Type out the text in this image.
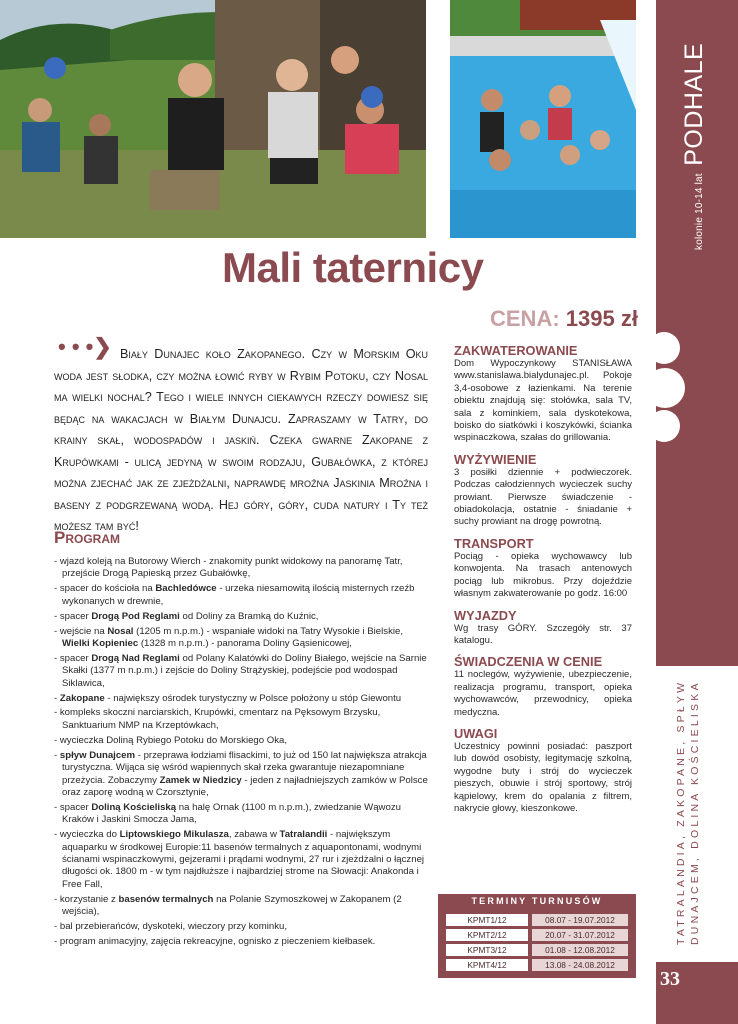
kolonie 10-14 lat PODHALE
TATRALANDIA, ZAKOPANE, SPŁYW DUNAJCEM, DOLINA KOŚCIELISKA
33
Mali taternicy
CENA: 1395 zł
• • •❯ Biały Dunajec koło Zakopanego. Czy w Morskim Oku woda jest słodka, czy można łowić ryby w Rybim Potoku, czy Nosal ma wielki nochal? Tego i wiele innych ciekawych rzeczy dowiesz się będąc na wakacjach w Białym Dunajcu. Zapraszamy w Tatry, do krainy skał, wodospadów i jaskiń. Czeka gwarne Zakopane z Krupówkami - ulicą jedyną w swoim rodzaju, Gubałówka, z której można zjechać jak ze zjeżdżalni, naprawdę mroźna Jaskinia Mroźna i baseny z podgrzewaną wodą. Hej góry, góry, cuda natury i Ty też możesz tam być!
Program
- wjazd koleją na Butorowy Wierch - znakomity punkt widokowy na panoramę Tatr, przejście Drogą Papieską przez Gubałówkę,
- spacer do kościoła na Bachledówce - urzeka niesamowitą ilością misternych rzeźb wykonanych w drewnie,
- spacer Drogą Pod Reglami od Doliny za Bramką do Kuźnic,
- wejście na Nosal (1205 m n.p.m.) - wspaniałe widoki na Tatry Wysokie i Bielskie, Wielki Kopieniec (1328 m n.p.m.) - panorama Doliny Gąsienicowej,
- spacer Drogą Nad Reglami od Polany Kalatówki do Doliny Białego, wejście na Sarnie Skałki (1377 m n.p.m.) i zejście do Doliny Strążyskiej, podejście pod wodospad Siklawica,
- Zakopane - największy ośrodek turystyczny w Polsce położony u stóp Giewontu
- kompleks skoczni narciarskich, Krupówki, cmentarz na Pęksowym Brzysku, Sanktuarium NMP na Krzeptówkach,
- wycieczka Doliną Rybiego Potoku do Morskiego Oka,
- spływ Dunajcem - przeprawa łodziami flisackimi, to już od 150 lat największa atrakcja turystyczna. Wijąca się wśród wapiennych skał rzeka gwarantuje niezapomniane przeżycia. Zobaczymy Zamek w Niedzicy - jeden z najładniejszych zamków w Polsce oraz zaporę wodną w Czorsztynie,
- spacer Doliną Kościeliską na halę Ornak (1100 m n.p.m.), zwiedzanie Wąwozu Kraków i Jaskini Smocza Jama,
- wycieczka do Liptowskiego Mikulasza, zabawa w Tatralandii - największym aquaparku w środkowej Europie:11 basenów termalnych z aquapontonami, wodnymi ścianami wspinaczkowymi, gejzerami i prądami wodnymi, 27 rur i zjeżdżalni o łącznej długości ok. 1800 m - w tym najdłuższe i najbardziej strome na Słowacji: Anakonda i Free Fall,
- korzystanie z basenów termalnych na Polanie Szymoszkowej w Zakopanem (2 wejścia),
- bal przebierańców, dyskoteki, wieczory przy kominku,
- program animacyjny, zajęcia rekreacyjne, ognisko z pieczeniem kiełbasek.
ZAKWATEROWANIE
Dom Wypoczynkowy STANISŁAWA www.stanislawa.bialydunajec.pl. Pokoje 3,4-osobowe z łazienkami. Na terenie obiektu znajdują się: stołówka, sala TV, sala z kominkiem, sala dyskotekowa, boisko do siatkówki i koszykówki, ścianka wspinaczkowa, szałas do grillowania.
WYŻYWIENIE
3 posiłki dziennie + podwieczorek. Podczas całodziennych wycieczek suchy prowiant. Pierwsze świadczenie - obiadokolacja, ostatnie - śniadanie + suchy prowiant na drogę powrotną.
TRANSPORT
Pociąg - opieka wychowawcy lub konwojenta. Na trasach antenowych pociąg lub mikrobus. Przy dojeździe własnym zakwaterowanie po godz. 16:00
WYJAZDY
Wg trasy GÓRY. Szczegóły str. 37 katalogu.
ŚWIADCZENIA W CENIE
11 noclegów, wyżywienie, ubezpieczenie, realizacja programu, transport, opieka wychowawców, przewodnicy, opieka medyczna.
UWAGI
Uczestnicy powinni posiadać: paszport lub dowód osobisty, legitymację szkolną, wygodne buty i strój do wycieczek pieszych, obuwie i strój sportowy, strój kąpielowy, krem do opalania z filtrem, nakrycie głowy, kieszonkowe.
TERMINY TURNUSÓW
KPMT1/12	08.07 - 19.07.2012
KPMT2/12	20.07 - 31.07.2012
KPMT3/12	01.08 - 12.08.2012
KPMT4/12	13.08 - 24.08.2012
